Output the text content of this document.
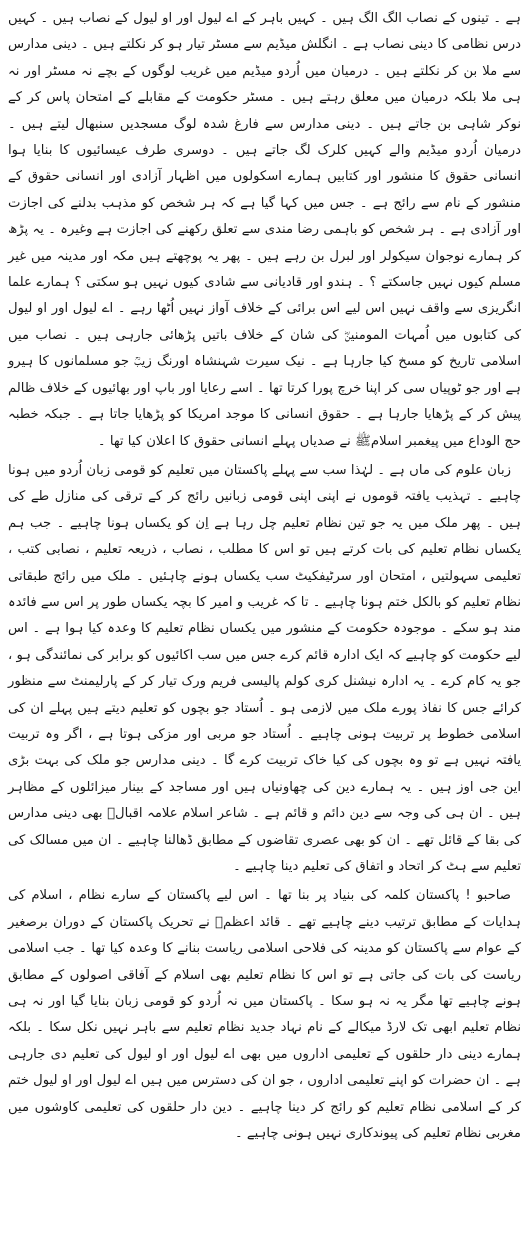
ہے ۔ تینوں کے نصاب الگ الگ ہیں ۔ کہیں باہر کے اے لیول اور او لیول کے نصاب ہیں ۔ کہیں درس نظامی کا دینی نصاب ہے ۔ انگلش میڈیم سے مسٹر تیار ہو کر نکلتے ہیں ۔ دینی مدارس سے ملا بن کر نکلتے ہیں ۔ درمیان میں اُردو میڈیم میں غریب لوگوں کے بچے نہ مسٹر اور نہ ہی ملا بلکہ درمیان میں معلق رہتے ہیں ۔ مسٹر حکومت کے مقابلے کے امتحان پاس کر کے نوکر شاہی بن جاتے ہیں ۔ دینی مدارس سے فارغ شدہ لوگ مسجدیں سنبھال لیتے ہیں ۔ درمیان اُردو میڈیم والے کہیں کلرک لگ جاتے ہیں ۔ دوسری طرف عیسائیوں کا بنایا ہوا انسانی حقوق کا منشور اور کتابیں ہمارے اسکولوں میں اظہار آزادی اور انسانی حقوق کے منشور کے نام سے رائج ہے ۔ جس میں کہا گیا ہے کہ ہر شخص کو مذہب بدلنے کی اجازت اور آزادی ہے ۔ ہر شخص کو باہمی رضا مندی سے تعلق رکھنے کی اجازت ہے وغیرہ ۔ یہ پڑھ کر ہمارے نوجوان سیکولر اور لبرل بن رہے ہیں ۔ پھر یہ پوچھتے ہیں مکہ اور مدینہ میں غیر مسلم کیوں نہیں جاسکتے ؟ ۔ ہندو اور قادیانی سے شادی کیوں نہیں ہو سکتی ؟ ہمارے علما انگریزی سے واقف نہیں اس لیے اس برائی کے خلاف آواز نہیں اُٹھا رہے ۔ اے لیول اور او لیول کی کتابوں میں اُمہات المومنینؓ کی شان کے خلاف باتیں پڑھائی جارہی ہیں ۔ نصاب میں اسلامی تاریخ کو مسخ کیا جارہا ہے ۔ نیک سیرت شہنشاہ اورنگ زیبؒ جو مسلمانوں کا ہیرو ہے اور جو ٹوپیاں سی کر اپنا خرچ پورا کرتا تھا ۔ اسے رعایا اور باپ اور بھائیوں کے خلاف ظالم پیش کر کے پڑھایا جارہا ہے ۔ حقوق انسانی کا موجد امریکا کو پڑھایا جاتا ہے ۔ جبکہ خطبہ حج الوداع میں پیغمبر اسلامﷺ نے صدیاں پہلے انسانی حقوق کا اعلان کیا تھا ۔

زبان علوم کی ماں ہے ۔ لہٰذا سب سے پہلے پاکستان میں تعلیم کو قومی زبان اُردو میں ہونا چاہیے ۔ تہذیب یافتہ قوموں نے اپنی اپنی قومی زبانیں رائج کر کے ترقی کی منازل طے کی ہیں ۔ پھر ملک میں یہ جو تین نظام تعلیم چل رہا ہے اِن کو یکساں ہونا چاہیے ۔ جب ہم یکساں نظام تعلیم کی بات کرتے ہیں تو اس کا مطلب ، نصاب ، ذریعہ تعلیم ، نصابی کتب ، تعلیمی سہولتیں ، امتحان اور سرٹیفکیٹ سب یکساں ہونے چاہئیں ۔ ملک میں رائج طبقاتی نظام تعلیم کو بالکل ختم ہونا چاہیے ۔ تا کہ غریب و امیر کا بچہ یکساں طور پر اس سے فائدہ مند ہو سکے ۔ موجودہ حکومت کے منشور میں یکساں نظام تعلیم کا وعدہ کیا ہوا ہے ۔ اس لیے حکومت کو چاہیے کہ ایک ادارہ قائم کرے جس میں سب اکائیوں کو برابر کی نمائندگی ہو ، جو یہ کام کرے ۔ یہ ادارہ نیشنل کری کولم پالیسی فریم ورک تیار کر کے پارلیمنٹ سے منظور کرائے جس کا نفاذ پورے ملک میں لازمی ہو ۔ اُستاد جو بچوں کو تعلیم دیتے ہیں پہلے ان کی اسلامی خطوط پر تربیت ہونی چاہیے ۔ اُستاد جو مربی اور مزکی ہوتا ہے ، اگر وہ تربیت یافتہ نہیں ہے تو وہ بچوں کی کیا خاک تربیت کرے گا ۔ دینی مدارس جو ملک کی بہت بڑی این جی اوز ہیں ۔ یہ ہمارے دین کی چھاونیاں ہیں اور مساجد کے بینار میزائلوں کے مظاہر ہیں ۔ ان ہی کی وجہ سے دین دائم و قائم ہے ۔ شاعر اسلام علامہ اقبالؒ بھی دینی مدارس کی بقا کے قائل تھے ۔ ان کو بھی عصری تقاضوں کے مطابق ڈھالنا چاہیے ۔ ان میں مسالک کی تعلیم سے ہٹ کر اتحاد و اتفاق کی تعلیم دینا چاہیے ۔

صاحبو ! پاکستان کلمہ کی بنیاد پر بنا تھا ۔ اس لیے پاکستان کے سارے نظام ، اسلام کی ہدایات کے مطابق ترتیب دینے چاہیے تھے ۔ قائد اعظمؒ نے تحریک پاکستان کے دوران برصغیر کے عوام سے پاکستان کو مدینہ کی فلاحی اسلامی ریاست بنانے کا وعدہ کیا تھا ۔ جب اسلامی ریاست کی بات کی جاتی ہے تو اس کا نظام تعلیم بھی اسلام کے آفاقی اصولوں کے مطابق ہونے چاہیے تھا مگر یہ نہ ہو سکا ۔ پاکستان میں نہ اُردو کو قومی زبان بنایا گیا اور نہ ہی نظام تعلیم ابھی تک لارڈ میکالے کے نام نہاد جدید نظام تعلیم سے باہر نہیں نکل سکا ۔ بلکہ ہمارے دینی دار حلقوں کے تعلیمی اداروں میں بھی اے لیول اور او لیول کی تعلیم دی جارہی ہے ۔ ان حضرات کو اپنے تعلیمی اداروں ، جو ان کی دسترس میں ہیں اے لیول اور او لیول ختم کر کے اسلامی نظام تعلیم کو رائج کر دینا چاہیے ۔ دین دار حلقوں کی تعلیمی کاوشوں میں مغربی نظام تعلیم کی پیوندکاری نہیں ہونی چاہیے ۔
